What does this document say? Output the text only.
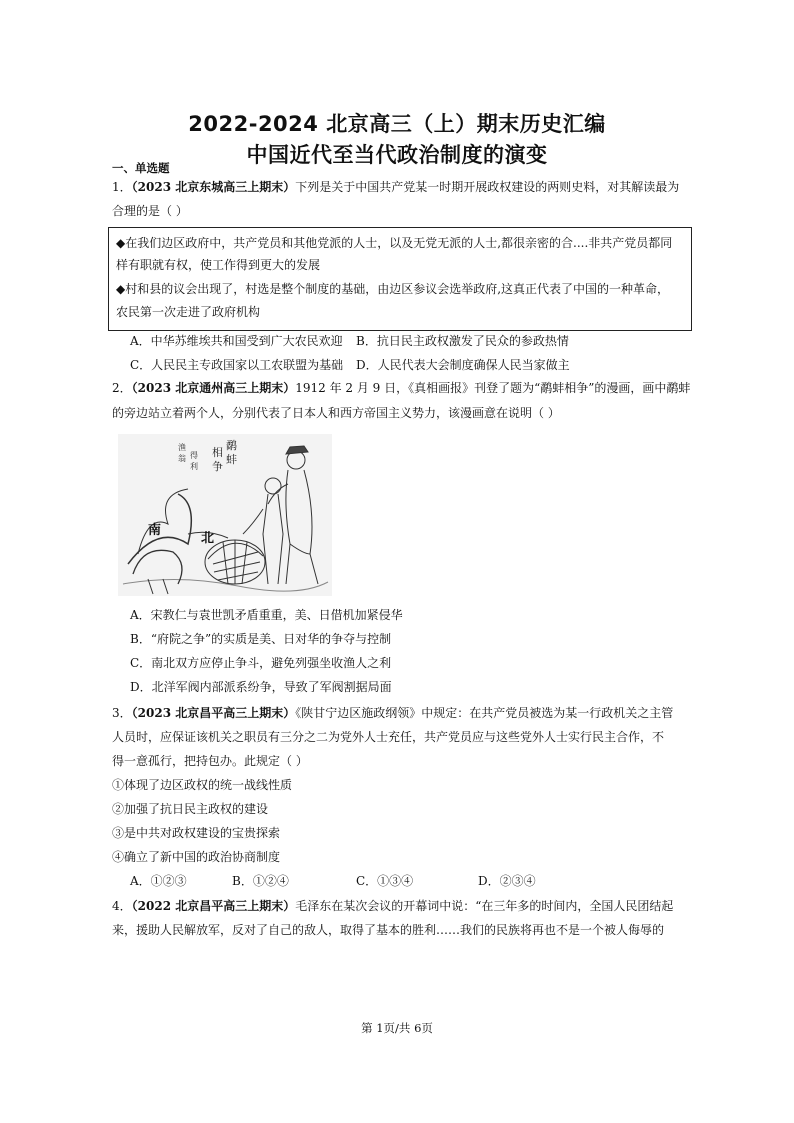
2022-2024 北京高三（上）期末历史汇编
中国近代至当代政治制度的演变
一、单选题
1．（2023 北京东城高三上期末）下列是关于中国共产党某一时期开展政权建设的两则史料，对其解读最为
合理的是（ ）
◆在我们边区政府中，共产党员和其他党派的人士，以及无党无派的人士,都很亲密的合....非共产党员都同
样有职就有权，使工作得到更大的发展
◆村和县的议会出现了，村选是整个制度的基础，由边区参议会选举政府,这真正代表了中国的一种革命，
农民第一次走进了政府机构
A．中华苏维埃共和国受到广大农民欢迎 B．抗日民主政权激发了民众的参政热情
C．人民民主专政国家以工农联盟为基础 D．人民代表大会制度确保人民当家做主
2．（2023 北京通州高三上期末）1912 年 2 月 9 日，《真相画报》刊登了题为“鹬蚌相争”的漫画，画中鹬蚌
的旁边站立着两个人，分别代表了日本人和西方帝国主义势力，该漫画意在说明（ ）
相
争
鹬
蚌
渔
翁 得
利
南
北
A．宋教仁与袁世凯矛盾重重，美、日借机加紧侵华
B．“府院之争”的实质是美、日对华的争夺与控制
C．南北双方应停止争斗，避免列强坐收渔人之利
D．北洋军阀内部派系纷争，导致了军阀割据局面
3．（2023 北京昌平高三上期末）《陕甘宁边区施政纲领》中规定：在共产党员被选为某一行政机关之主管
人员时，应保证该机关之职员有三分之二为党外人士充任，共产党员应与这些党外人士实行民主合作，不
得一意孤行，把持包办。此规定（ ）
①体现了边区政权的统一战线性质
②加强了抗日民主政权的建设
③是中共对政权建设的宝贵探索
④确立了新中国的政治协商制度
A．①②③	B．①②④	C．①③④	D．②③④
4．（2022 北京昌平高三上期末）毛泽东在某次会议的开幕词中说：“在三年多的时间内，全国人民团结起
来，援助人民解放军，反对了自己的敌人，取得了基本的胜利……我们的民族将再也不是一个被人侮辱的
第 1页/共 6页
